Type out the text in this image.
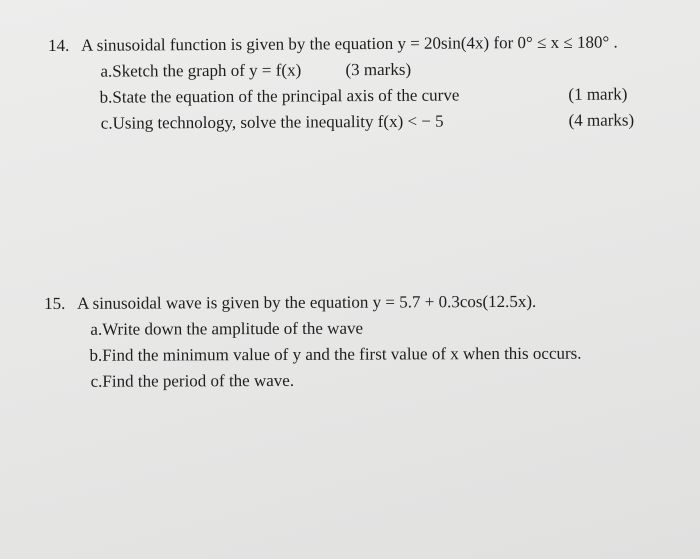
14. A sinusoidal function is given by the equation y = 20sin(4x) for 0° ≤ x ≤ 180° .
a. Sketch the graph of y = f(x)	(3 marks)
b. State the equation of the principal axis of the curve	(1 mark)
c. Using technology, solve the inequality f(x) < − 5	(4 marks)
15. A sinusoidal wave is given by the equation y = 5.7 + 0.3cos(12.5x).
a. Write down the amplitude of the wave
b. Find the minimum value of y and the first value of x when this occurs.
c. Find the period of the wave.
